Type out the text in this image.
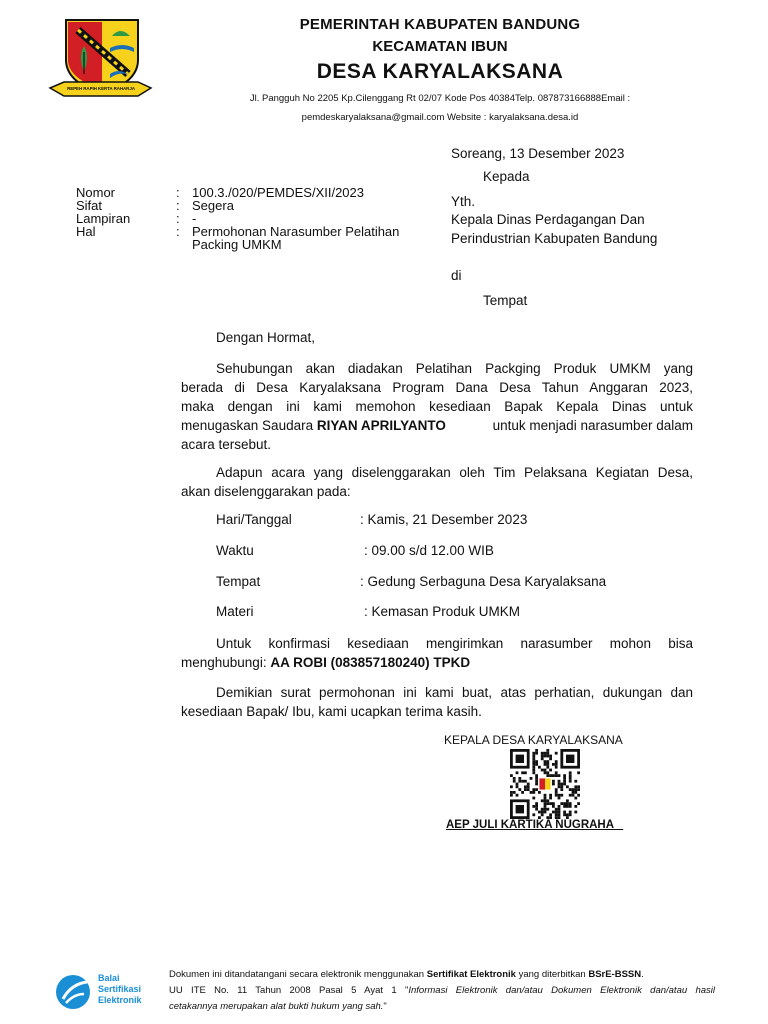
REPEH RAPIH KERTA RAHARJA
PEMERINTAH KABUPATEN BANDUNG
KECAMATAN IBUN
DESA KARYALAKSANA
Jl. Pangguh No 2205 Kp.Cilenggang Rt 02/07 Kode Pos 40384Telp. 087873166888Email :
pemdeskaryalaksana@gmail.com Website : karyalaksana.desa.id
Soreang, 13 Desember 2023
Kepada
Yth.
Kepala Dinas Perdagangan Dan
Perindustrian Kabupaten Bandung
di
Tempat
Nomor	: 100.3./020/PEMDES/XII/2023
Sifat	: Segera
Lampiran	: -
Hal	: Permohonan Narasumber Pelatihan
Packing UMKM
Dengan Hormat,
Sehubungan akan diadakan Pelatihan Packging Produk UMKM yang
berada di Desa Karyalaksana Program Dana Desa Tahun Anggaran 2023,
maka dengan ini kami memohon kesediaan Bapak Kepala Dinas untuk
menugaskan Saudara RIYAN APRILYANTO	untuk menjadi narasumber dalam
acara tersebut.
Adapun acara yang diselenggarakan oleh Tim Pelaksana Kegiatan Desa,
akan diselenggarakan pada:
Hari/Tanggal	: Kamis, 21 Desember 2023
Waktu	: 09.00 s/d 12.00 WIB
Tempat	: Gedung Serbaguna Desa Karyalaksana
Materi	: Kemasan Produk UMKM
Untuk konfirmasi kesediaan mengirimkan narasumber mohon bisa
menghubungi: AA ROBI (083857180240) TPKD
Demikian surat permohonan ini kami buat, atas perhatian, dukungan dan
kesediaan Bapak/ Ibu, kami ucapkan terima kasih.
KEPALA DESA KARYALAKSANA
AEP JULI KARTIKA NUGRAHA
Balai
Sertifikasi
Elektronik
Dokumen ini ditandatangani secara elektronik menggunakan Sertifikat Elektronik yang diterbitkan BSrE-BSSN.
UU ITE No. 11 Tahun 2008 Pasal 5 Ayat 1 "Informasi Elektronik dan/atau Dokumen Elektronik dan/atau hasil
cetakannya merupakan alat bukti hukum yang sah."
